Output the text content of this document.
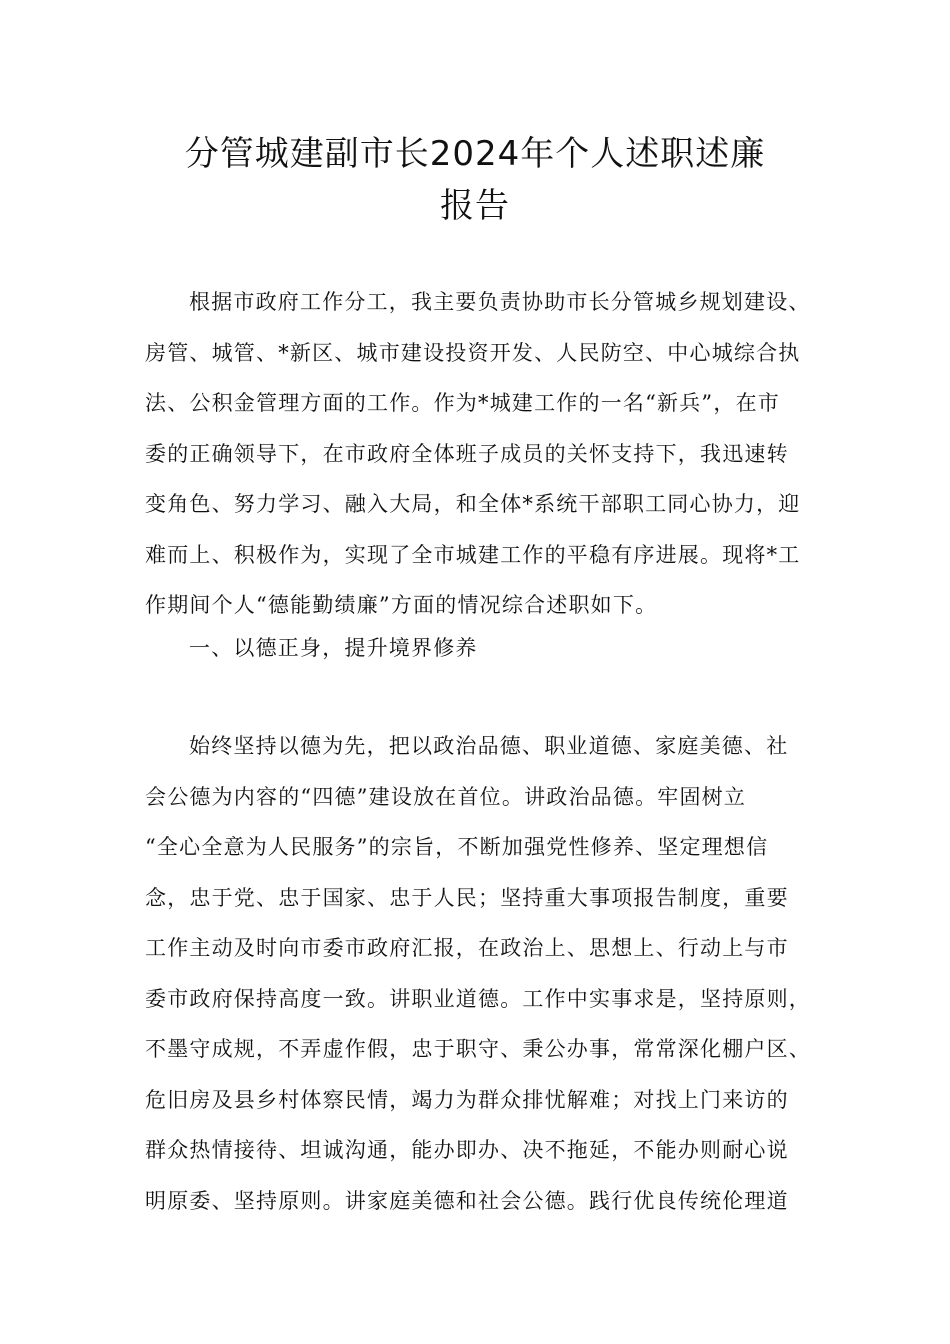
分管城建副市长2024年个人述职述廉
报告
根据市政府工作分工，我主要负责协助市长分管城乡规划建设、
房管、城管、*新区、城市建设投资开发、人民防空、中心城综合执
法、公积金管理方面的工作。作为*城建工作的一名“新兵”，在市
委的正确领导下，在市政府全体班子成员的关怀支持下，我迅速转
变角色、努力学习、融入大局，和全体*系统干部职工同心协力，迎
难而上、积极作为，实现了全市城建工作的平稳有序进展。现将*工
作期间个人“德能勤绩廉”方面的情况综合述职如下。
一、以德正身，提升境界修养
始终坚持以德为先，把以政治品德、职业道德、家庭美德、社
会公德为内容的“四德”建设放在首位。讲政治品德。牢固树立
“全心全意为人民服务”的宗旨，不断加强党性修养、坚定理想信
念，忠于党、忠于国家、忠于人民；坚持重大事项报告制度，重要
工作主动及时向市委市政府汇报，在政治上、思想上、行动上与市
委市政府保持高度一致。讲职业道德。工作中实事求是，坚持原则，
不墨守成规，不弄虚作假，忠于职守、秉公办事，常常深化棚户区、
危旧房及县乡村体察民情，竭力为群众排忧解难；对找上门来访的
群众热情接待、坦诚沟通，能办即办、决不拖延，不能办则耐心说
明原委、坚持原则。讲家庭美德和社会公德。践行优良传统伦理道
